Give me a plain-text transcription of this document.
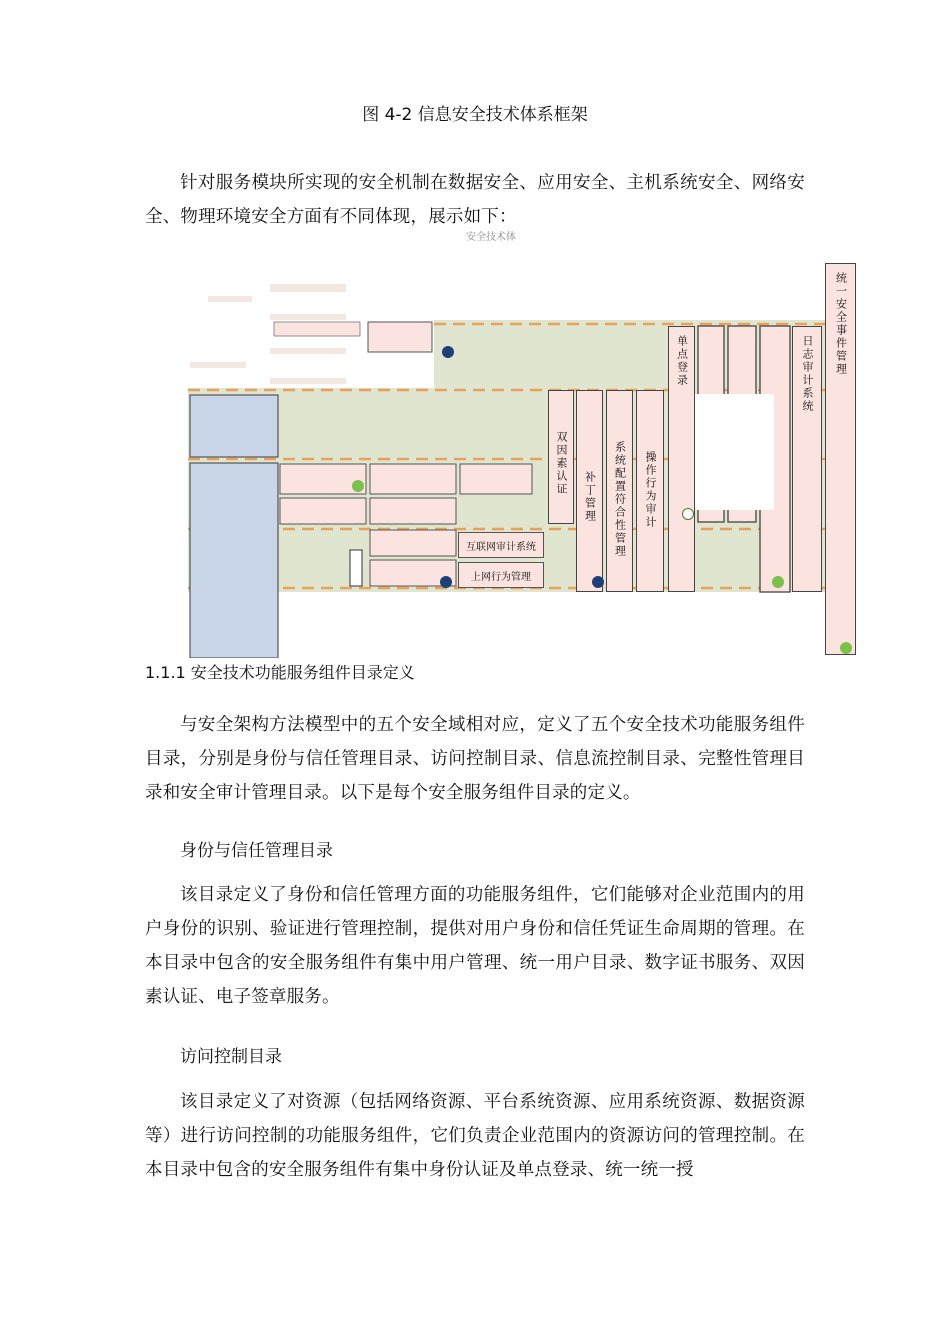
图 4-2 信息安全技术体系框架
针对服务模块所实现的安全机制在数据安全、应用安全、主机系统安全、网络安全、物理环境安全方面有不同体现，展示如下：
统一安全事件管理
日志审计系统
单点登录
操作行为审计
系统配置符合性管理
补丁管理
双因素认证
互联网审计系统
上网行为管理
安全技术体
1.1.1 安全技术功能服务组件目录定义
与安全架构方法模型中的五个安全域相对应，定义了五个安全技术功能服务组件目录，分别是身份与信任管理目录、访问控制目录、信息流控制目录、完整性管理目录和安全审计管理目录。以下是每个安全服务组件目录的定义。
身份与信任管理目录
该目录定义了身份和信任管理方面的功能服务组件，它们能够对企业范围内的用户身份的识别、验证进行管理控制，提供对用户身份和信任凭证生命周期的管理。在本目录中包含的安全服务组件有集中用户管理、统一用户目录、数字证书服务、双因素认证、电子签章服务。
访问控制目录
该目录定义了对资源（包括网络资源、平台系统资源、应用系统资源、数据资源等）进行访问控制的功能服务组件，它们负责企业范围内的资源访问的管理控制。在本目录中包含的安全服务组件有集中身份认证及单点登录、统一统一授
